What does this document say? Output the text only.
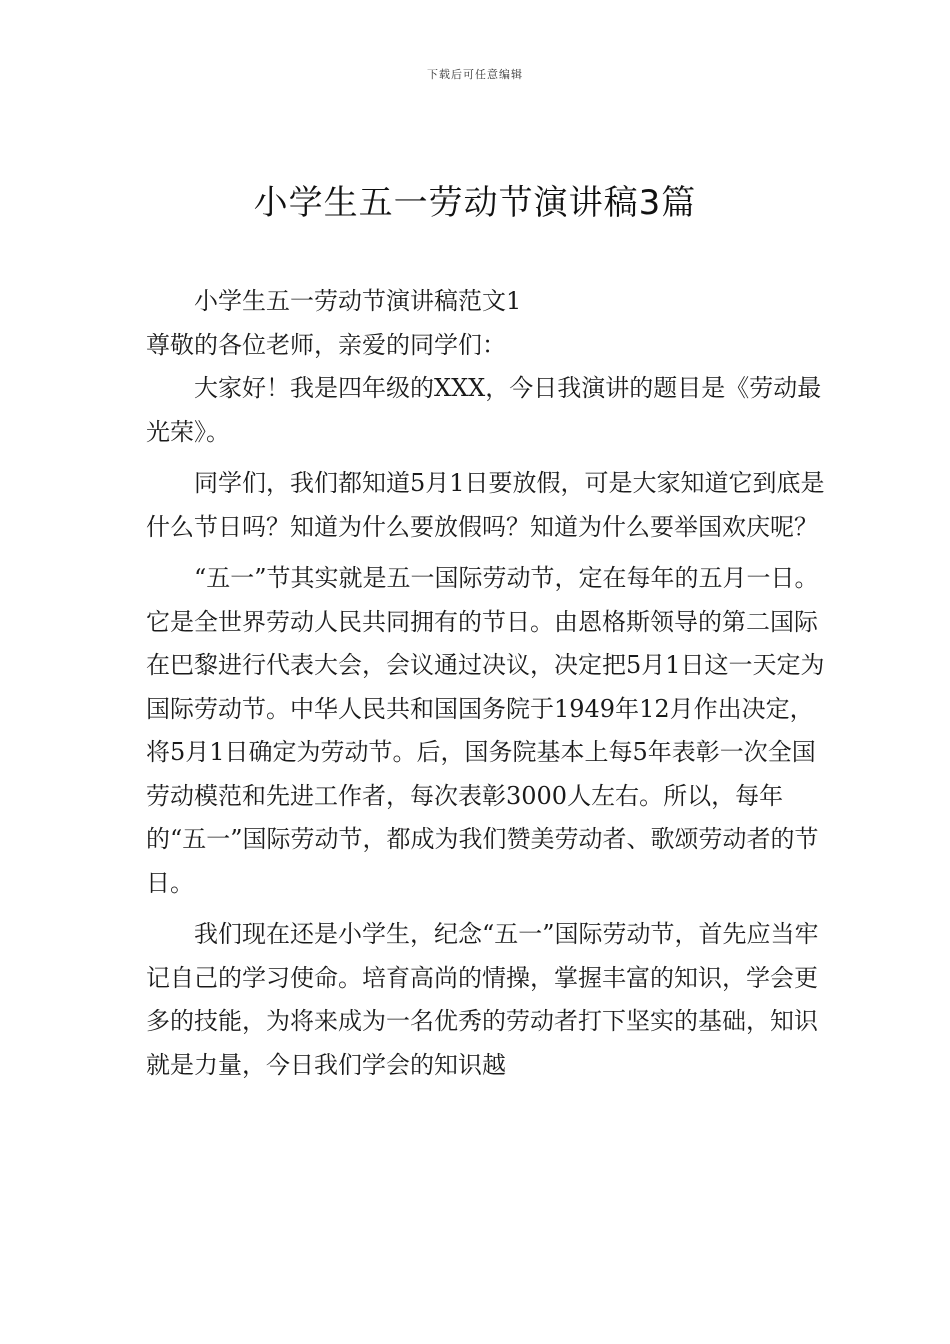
下载后可任意编辑
小学生五一劳动节演讲稿3篇

小学生五一劳动节演讲稿范文1

尊敬的各位老师，亲爱的同学们：

大家好！我是四年级的XXX，今日我演讲的题目是《劳动最光荣》。

同学们，我们都知道5月1日要放假，可是大家知道它到底是什么节日吗？知道为什么要放假吗？知道为什么要举国欢庆呢？

“五一”节其实就是五一国际劳动节，定在每年的五月一日。它是全世界劳动人民共同拥有的节日。由恩格斯领导的第二国际在巴黎进行代表大会，会议通过决议，决定把5月1日这一天定为国际劳动节。中华人民共和国国务院于1949年12月作出决定，将5月1日确定为劳动节。后，国务院基本上每5年表彰一次全国劳动模范和先进工作者，每次表彰3000人左右。所以，每年的“五一”国际劳动节，都成为我们赞美劳动者、歌颂劳动者的节日。

我们现在还是小学生，纪念“五一”国际劳动节，首先应当牢记自己的学习使命。培育高尚的情操，掌握丰富的知识，学会更多的技能，为将来成为一名优秀的劳动者打下坚实的基础，知识就是力量，今日我们学会的知识越
